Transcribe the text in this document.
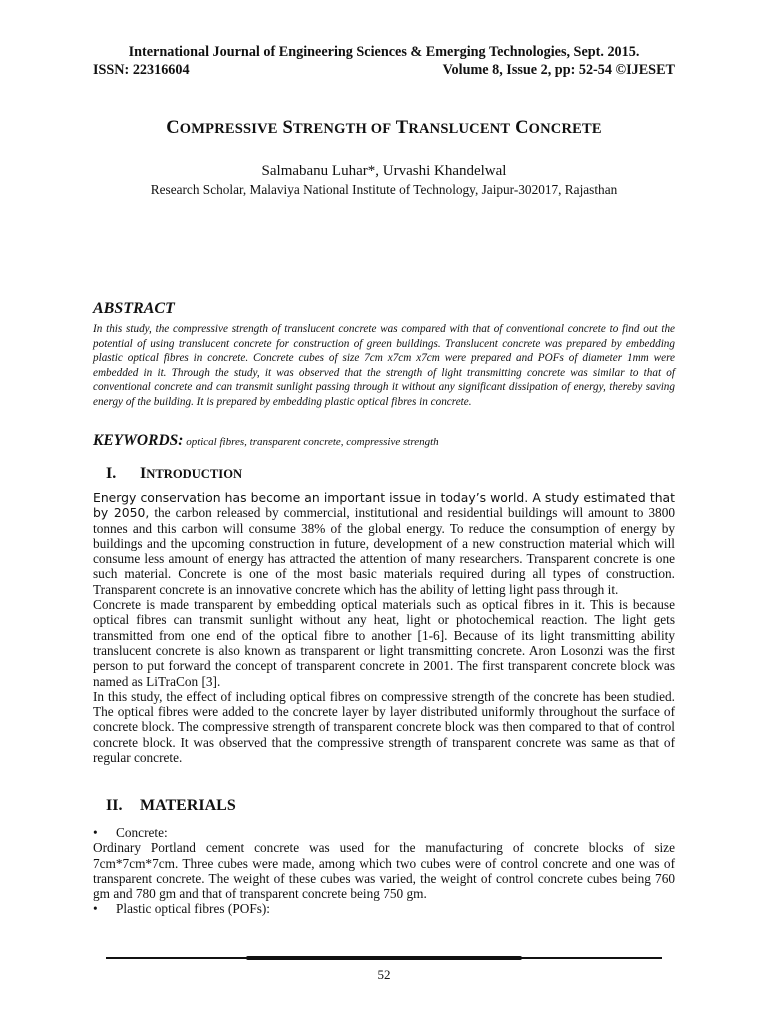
International Journal of Engineering Sciences & Emerging Technologies, Sept. 2015.
ISSN: 22316604	Volume 8, Issue 2, pp: 52-54 ©IJESET
COMPRESSIVE STRENGTH OF TRANSLUCENT CONCRETE
Salmabanu Luhar*, Urvashi Khandelwal
Research Scholar, Malaviya National Institute of Technology, Jaipur-302017, Rajasthan
ABSTRACT
In this study, the compressive strength of translucent concrete was compared with that of conventional concrete to find out the potential of using translucent concrete for construction of green buildings. Translucent concrete was prepared by embedding plastic optical fibres in concrete. Concrete cubes of size 7cm x7cm x7cm were prepared and POFs of diameter 1mm were embedded in it. Through the study, it was observed that the strength of light transmitting concrete was similar to that of conventional concrete and can transmit sunlight passing through it without any significant dissipation of energy, thereby saving energy of the building. It is prepared by embedding plastic optical fibres in concrete.
KEYWORDS: optical fibres, transparent concrete, compressive strength
I. INTRODUCTION

Energy conservation has become an important issue in today’s world. A study estimated that by 2050, the carbon released by commercial, institutional and residential buildings will amount to 3800 tonnes and this carbon will consume 38% of the global energy. To reduce the consumption of energy by buildings and the upcoming construction in future, development of a new construction material which will consume less amount of energy has attracted the attention of many researchers. Transparent concrete is one such material. Concrete is one of the most basic materials required during all types of construction. Transparent concrete is an innovative concrete which has the ability of letting light pass through it.

Concrete is made transparent by embedding optical materials such as optical fibres in it. This is because optical fibres can transmit sunlight without any heat, light or photochemical reaction. The light gets transmitted from one end of the optical fibre to another [1-6]. Because of its light transmitting ability translucent concrete is also known as transparent or light transmitting concrete. Aron Losonzi was the first person to put forward the concept of transparent concrete in 2001. The first transparent concrete block was named as LiTraCon [3].

In this study, the effect of including optical fibres on compressive strength of the concrete has been studied. The optical fibres were added to the concrete layer by layer distributed uniformly throughout the surface of concrete block. The compressive strength of transparent concrete block was then compared to that of control concrete block. It was observed that the compressive strength of transparent concrete was same as that of regular concrete.

II. MATERIALS
• Concrete:

Ordinary Portland cement concrete was used for the manufacturing of concrete blocks of size 7cm*7cm*7cm. Three cubes were made, among which two cubes were of control concrete and one was of transparent concrete. The weight of these cubes was varied, the weight of control concrete cubes being 760 gm and 780 gm and that of transparent concrete being 750 gm.

• Plastic optical fibres (POFs):
52
